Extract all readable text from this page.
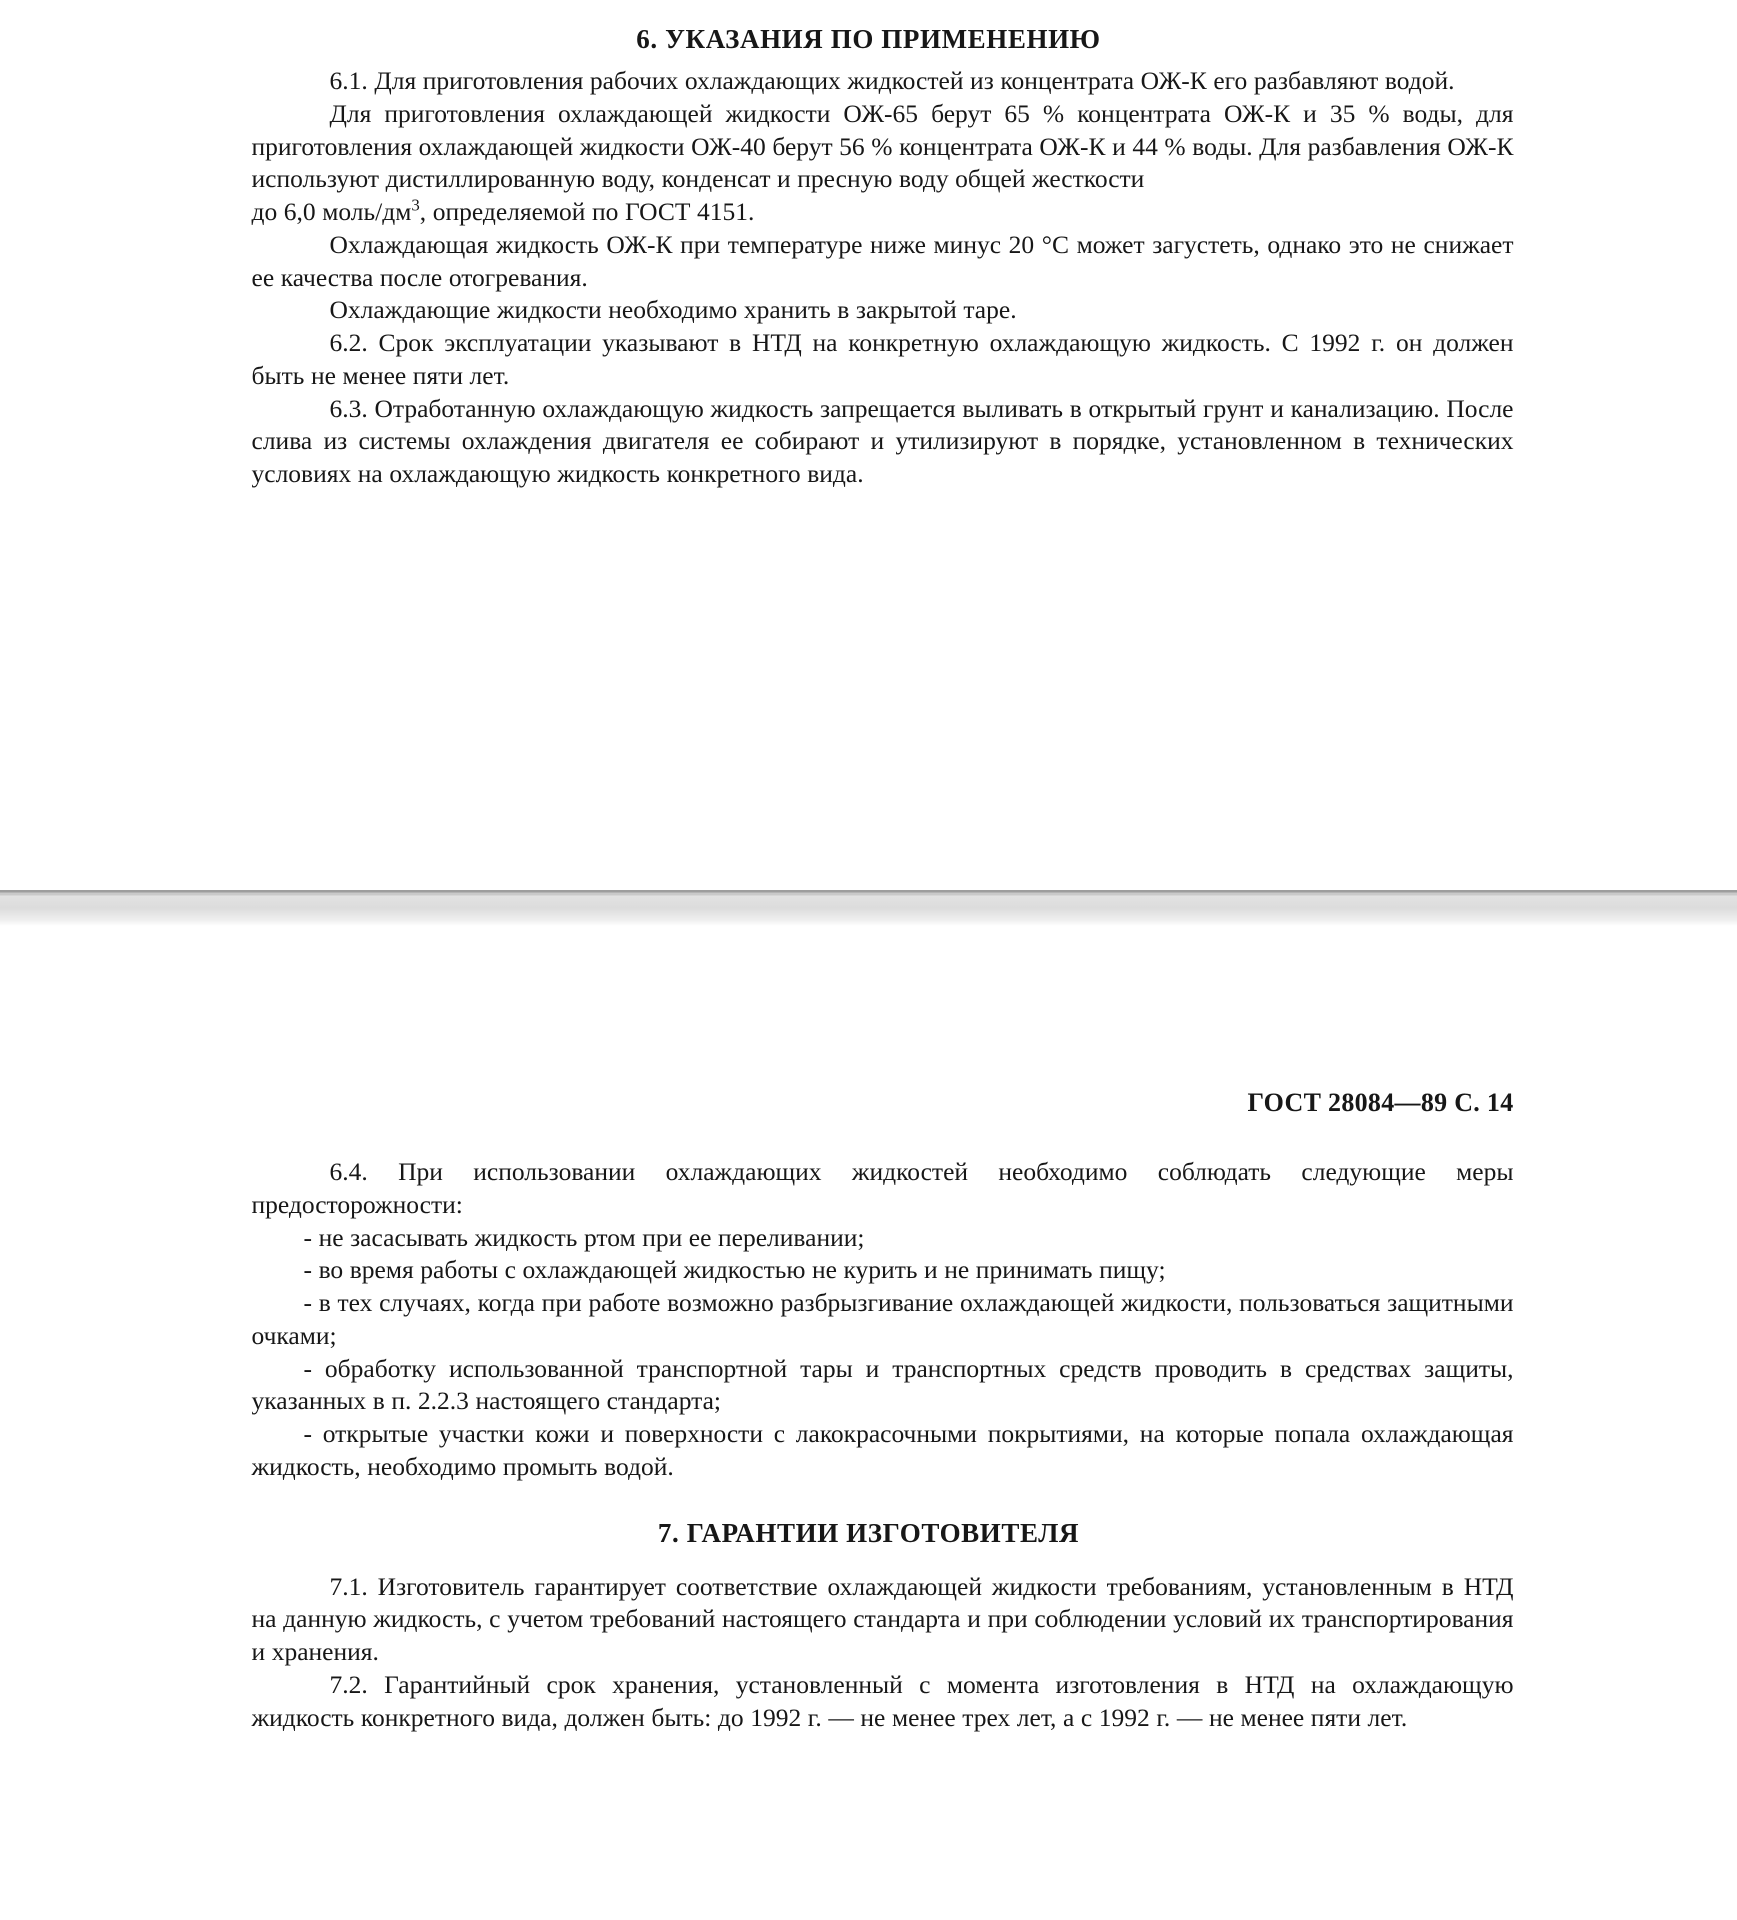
6. УКАЗАНИЯ ПО ПРИМЕНЕНИЮ

6.1. Для приготовления рабочих охлаждающих жидкостей из концентрата ОЖ-К его разбавляют водой.

Для приготовления охлаждающей жидкости ОЖ-65 берут 65 % концентрата ОЖ-К и 35 % воды, для приготовления охлаждающей жидкости ОЖ-40 берут 56 % концентрата ОЖ-К и 44 % воды. Для разбавления ОЖ-К используют дистиллированную воду, конденсат и пресную воду общей жесткости

до 6,0 моль/$дм^3$, определяемой по ГОСТ 4151.

Охлаждающая жидкость ОЖ-К при температуре ниже минус 20 °C может загустеть, однако это не снижает ее качества после отогревания.

Охлаждающие жидкости необходимо хранить в закрытой таре.

6.2. Срок эксплуатации указывают в НТД на конкретную охлаждающую жидкость. С 1992 г. он должен быть не менее пяти лет.

6.3. Отработанную охлаждающую жидкость запрещается выливать в открытый грунт и канализацию. После слива из системы охлаждения двигателя ее собирают и утилизируют в порядке, установленном в технических условиях на охлаждающую жидкость конкретного вида.

ГОСТ 28084—89 С. 14

6.4. При использовании охлаждающих жидкостей необходимо соблюдать следующие меры предосторожности:

- не засасывать жидкость ртом при ее переливании;

- во время работы с охлаждающей жидкостью не курить и не принимать пищу;

- в тех случаях, когда при работе возможно разбрызгивание охлаждающей жидкости, пользоваться защитными очками;

- обработку использованной транспортной тары и транспортных средств проводить в средствах защиты, указанных в п. 2.2.3 настоящего стандарта;

- открытые участки кожи и поверхности с лакокрасочными покрытиями, на которые попала охлаждающая жидкость, необходимо промыть водой.

7. ГАРАНТИИ ИЗГОТОВИТЕЛЯ

7.1. Изготовитель гарантирует соответствие охлаждающей жидкости требованиям, установленным в НТД на данную жидкость, с учетом требований настоящего стандарта и при соблюдении условий их транспортирования и хранения.

7.2. Гарантийный срок хранения, установленный с момента изготовления в НТД на охлаждающую жидкость конкретного вида, должен быть: до 1992 г. — не менее трех лет, а с 1992 г. — не менее пяти лет.
